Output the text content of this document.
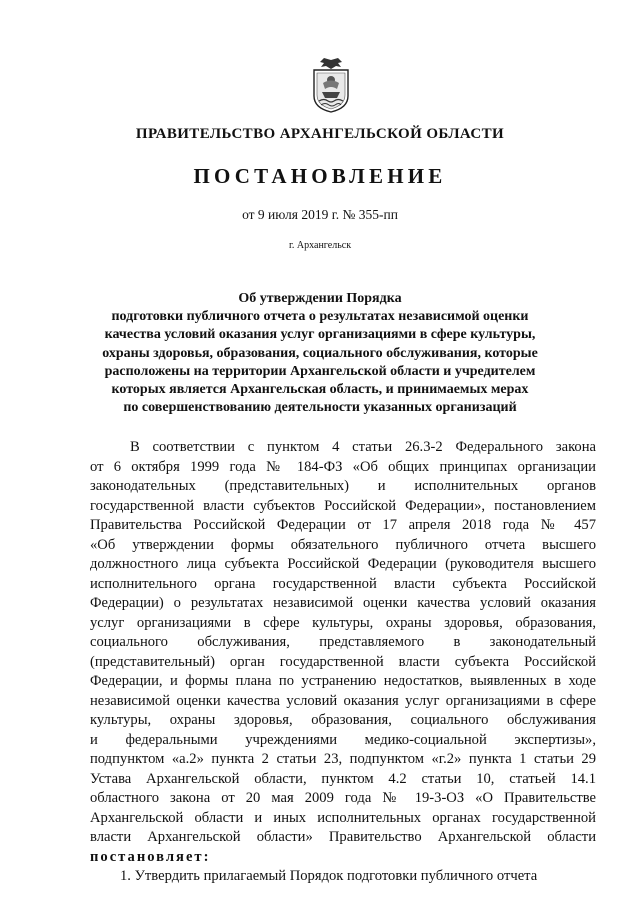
ПРАВИТЕЛЬСТВО АРХАНГЕЛЬСКОЙ ОБЛАСТИ
ПОСТАНОВЛЕНИЕ
от 9 июля 2019 г. № 355-пп
г. Архангельск
Об утверждении Порядка
подготовки публичного отчета о результатах независимой оценки
качества условий оказания услуг организациями в сфере культуры,
охраны здоровья, образования, социального обслуживания, которые
расположены на территории Архангельской области и учредителем
которых является Архангельская область, и принимаемых мерах
по совершенствованию деятельности указанных организаций
В соответствии с пунктом 4 статьи 26.3-2 Федерального закона
от 6 октября 1999 года № 184-ФЗ «Об общих принципах организации
законодательных (представительных) и исполнительных органов
государственной власти субъектов Российской Федерации», постановлением
Правительства Российской Федерации от 17 апреля 2018 года № 457
«Об утверждении формы обязательного публичного отчета высшего
должностного лица субъекта Российской Федерации (руководителя высшего
исполнительного органа государственной власти субъекта Российской
Федерации) о результатах независимой оценки качества условий оказания
услуг организациями в сфере культуры, охраны здоровья, образования,
социального обслуживания, представляемого в законодательный
(представительный) орган государственной власти субъекта Российской
Федерации, и формы плана по устранению недостатков, выявленных в ходе
независимой оценки качества условий оказания услуг организациями в сфере
культуры, охраны здоровья, образования, социального обслуживания
и федеральными учреждениями медико-социальной экспертизы»,
подпунктом «а.2» пункта 2 статьи 23, подпунктом «г.2» пункта 1 статьи 29
Устава Архангельской области, пунктом 4.2 статьи 10, статьей 14.1
областного закона от 20 мая 2009 года № 19-3-ОЗ «О Правительстве
Архангельской области и иных исполнительных органах государственной
власти Архангельской области» Правительство Архангельской области
постановляет:
1. Утвердить прилагаемый Порядок подготовки публичного отчета
